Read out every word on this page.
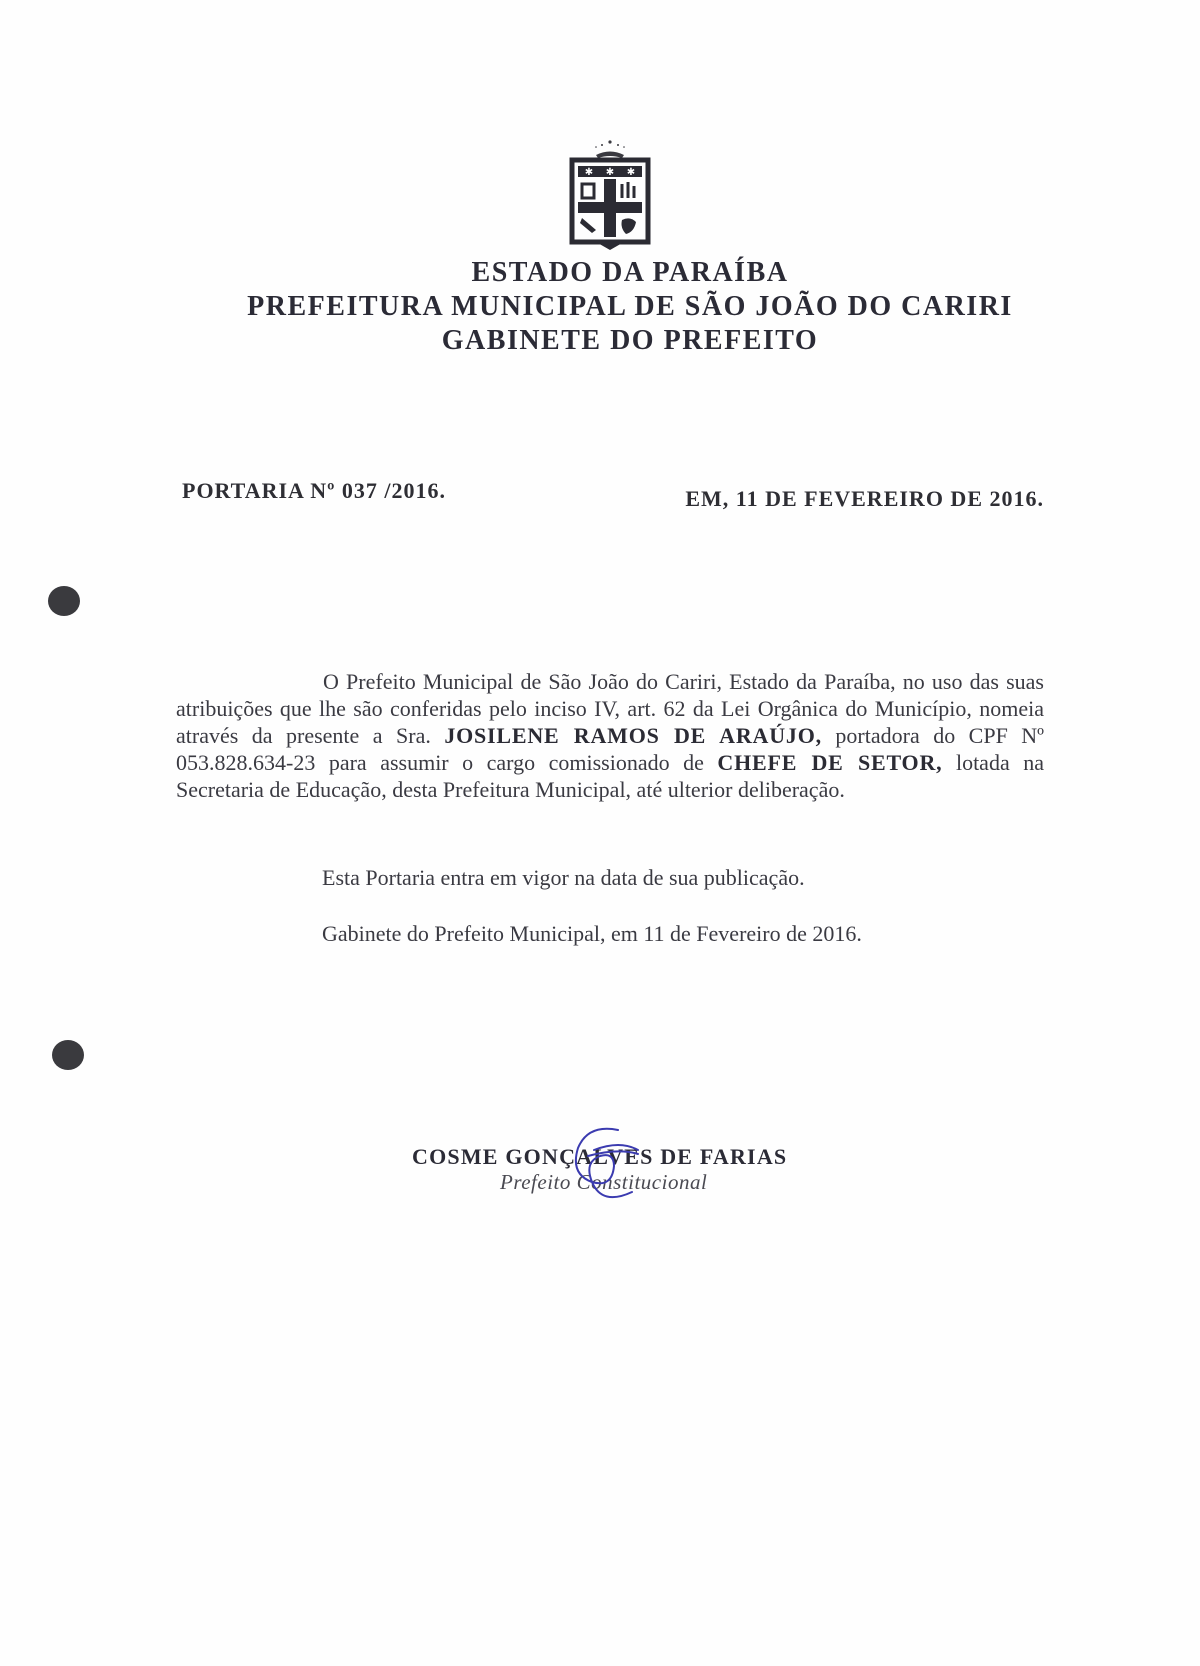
✱ ✱ ✱
ESTADO DA PARAÍBA
PREFEITURA MUNICIPAL DE SÃO JOÃO DO CARIRI
GABINETE DO PREFEITO
PORTARIA Nº 037 /2016.	EM, 11 DE FEVEREIRO DE 2016.

O Prefeito Municipal de São João do Cariri, Estado da Paraíba, no uso das suas atribuições que lhe são conferidas pelo inciso IV, art. 62 da Lei Orgânica do Município, nomeia através da presente a Sra. JOSILENE RAMOS DE ARAÚJO, portadora do CPF Nº 053.828.634-23 para assumir o cargo comissionado de CHEFE DE SETOR, lotada na Secretaria de Educação, desta Prefeitura Municipal, até ulterior deliberação.

Esta Portaria entra em vigor na data de sua publicação.
Gabinete do Prefeito Municipal, em 11 de Fevereiro de 2016.
COSME GONÇALVES DE FARIAS
Prefeito Constitucional
